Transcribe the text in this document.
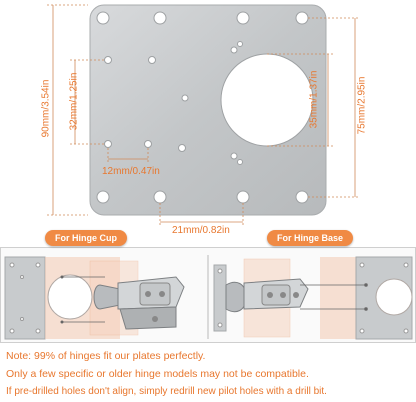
90mm/3.54in 32mm/1.25in	75mm/2.95in
35mm/1.37in
12mm/0.47in
21mm/0.82in
For Hinge Cup	For Hinge Base
Note: 99% of hinges fit our plates perfectly.
Only a few specific or older hinge models may not be compatible.
If pre-drilled holes don't align, simply redrill new pilot holes with a drill bit.
